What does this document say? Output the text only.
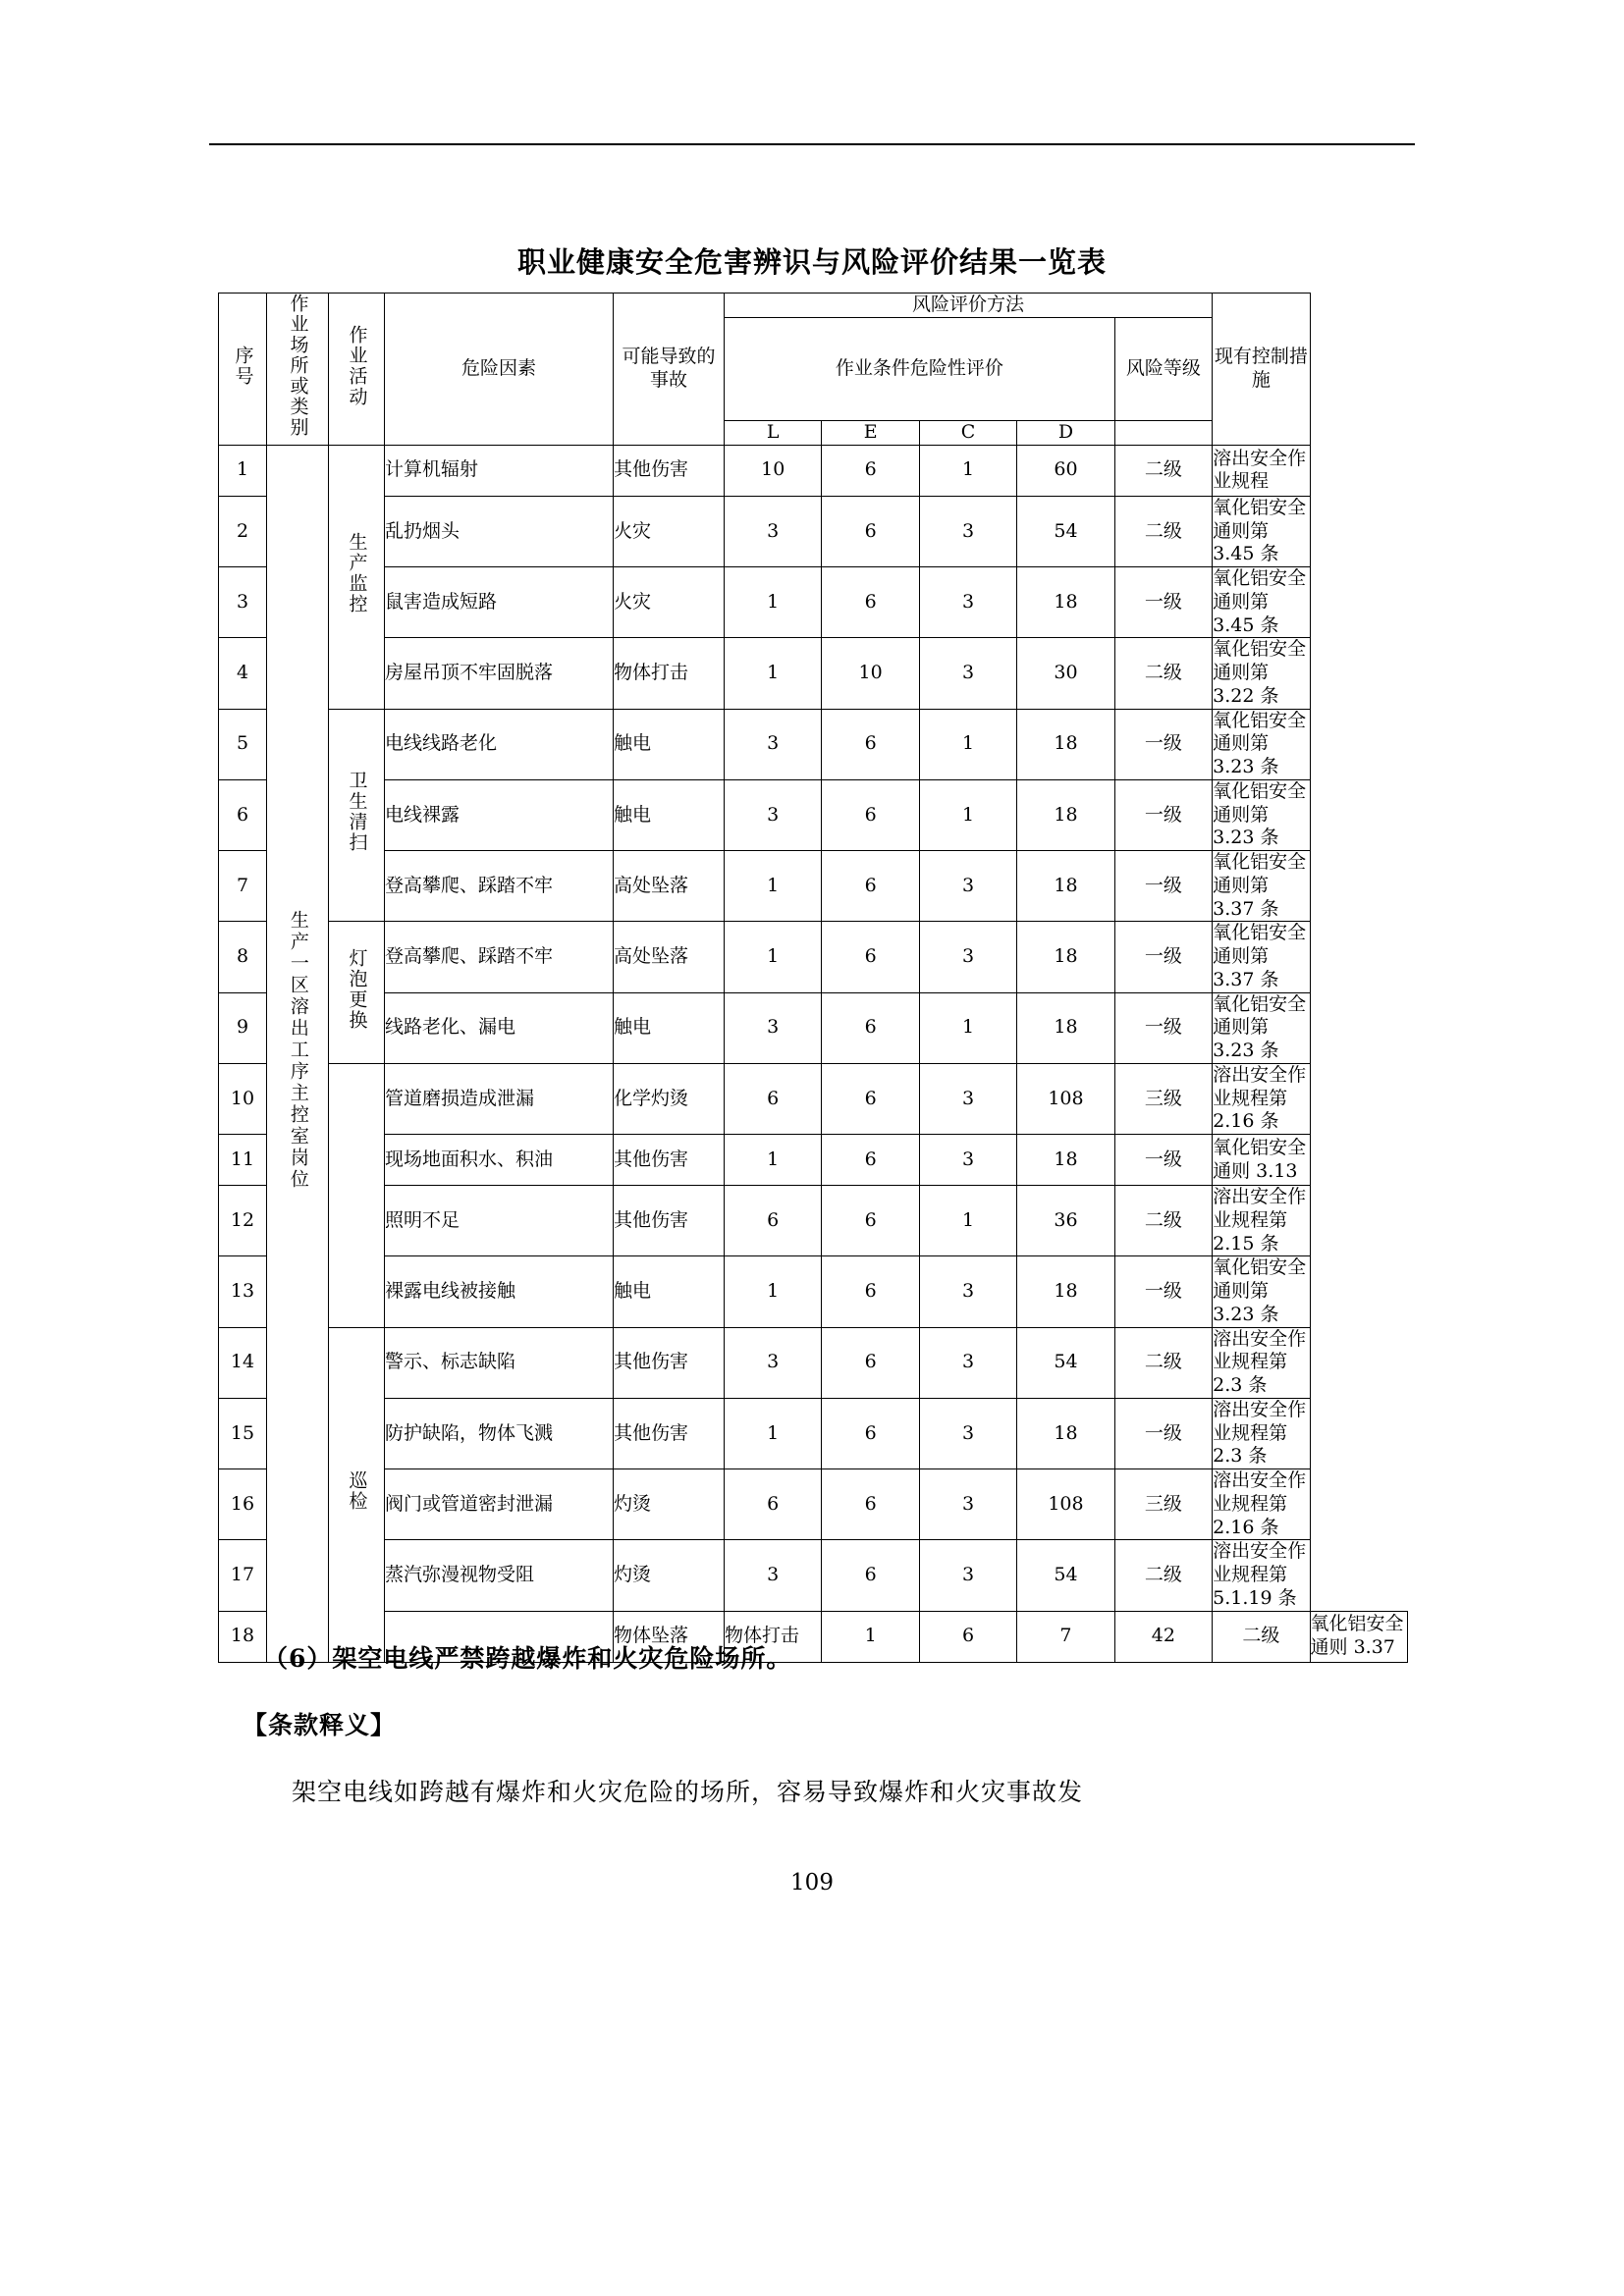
职业健康安全危害辨识与风险评价结果一览表
序号	作业场所或类别	作业活动	危险因素	可能导致的事故	风险评价方法					现有控制措施	
					作业条件危险性评价				风险等级		

					L	E	C	D			
1	生产一区溶出工序主控室岗位	生产监控	计算机辐射	其他伤害	10	6	1	60	二级	溶出安全作业规程	
2			乱扔烟头	火灾	3	6	3	54	二级	氧化铝安全通则第 3.45 条	
3			鼠害造成短路	火灾	1	6	3	18	一级	氧化铝安全通则第 3.45 条	
4			房屋吊顶不牢固脱落	物体打击	1	10	3	30	二级	氧化铝安全通则第 3.22 条	
5		卫生清扫	电线线路老化	触电	3	6	1	18	一级	氧化铝安全通则第 3.23 条	
6			电线裸露	触电	3	6	1	18	一级	氧化铝安全通则第 3.23 条	
7			登高攀爬、踩踏不牢	高处坠落	1	6	3	18	一级	氧化铝安全通则第 3.37 条	
8		灯泡更换	登高攀爬、踩踏不牢	高处坠落	1	6	3	18	一级	氧化铝安全通则第 3.37 条	
9			线路老化、漏电	触电	3	6	1	18	一级	氧化铝安全通则第 3.23 条	
10			管道磨损造成泄漏	化学灼烫	6	6	3	108	三级	溶出安全作业规程第 2.16 条	
11			现场地面积水、积油	其他伤害	1	6	3	18	一级	氧化铝安全通则 3.13	
12			照明不足	其他伤害	6	6	1	36	二级	溶出安全作业规程第 2.15 条	
13			裸露电线被接触	触电	1	6	3	18	一级	氧化铝安全通则第 3.23 条	
14		巡检	警示、标志缺陷	其他伤害	3	6	3	54	二级	溶出安全作业规程第 2.3 条	
15			防护缺陷，物体飞溅	其他伤害	1	6	3	18	一级	溶出安全作业规程第 2.3 条	
16			阀门或管道密封泄漏	灼烫	6	6	3	108	三级	溶出安全作业规程第 2.16 条	
17			蒸汽弥漫视物受阻	灼烫	3	6	3	54	二级	溶出安全作业规程第 5.1.19 条	
18				物体坠落	物体打击	1	6	7	42	二级	氧化铝安全通则 3.37
（6）架空电线严禁跨越爆炸和火灾危险场所。
【条款释义】
架空电线如跨越有爆炸和火灾危险的场所，容易导致爆炸和火灾事故发
109
